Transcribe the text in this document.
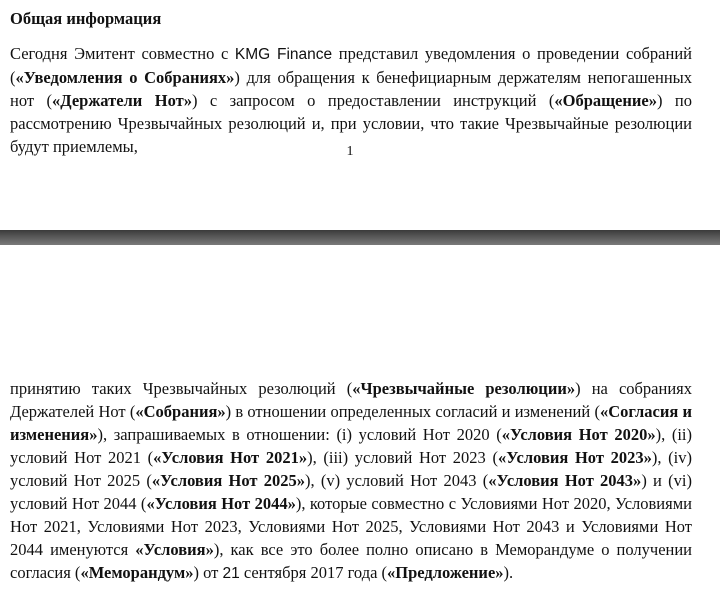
Общая информация

Сегодня Эмитент совместно с KMG Finance представил уведомления о проведении собраний («Уведомления о Собраниях») для обращения к бенефициарным держателям непогашенных нот («Держатели Нот») с запросом о предоставлении инструкций («Обращение») по рассмотрению Чрезвычайных резолюций и, при условии, что такие Чрезвычайные резолюции будут приемлемы,	1

принятию таких Чрезвычайных резолюций («Чрезвычайные резолюции») на собраниях Держателей Нот («Собрания») в отношении определенных согласий и изменений («Согласия и изменения»), запрашиваемых в отношении: (i) условий Нот 2020 («Условия Нот 2020»), (ii) условий Нот 2021 («Условия Нот 2021»), (iii) условий Нот 2023 («Условия Нот 2023»), (iv) условий Нот 2025 («Условия Нот 2025»), (v) условий Нот 2043 («Условия Нот 2043») и (vi) условий Нот 2044 («Условия Нот 2044»), которые совместно с Условиями Нот 2020, Условиями Нот 2021, Условиями Нот 2023, Условиями Нот 2025, Условиями Нот 2043 и Условиями Нот 2044 именуются «Условия»), как все это более полно описано в Меморандуме о получении согласия («Меморандум») от 21 сентября 2017 года («Предложение»).
